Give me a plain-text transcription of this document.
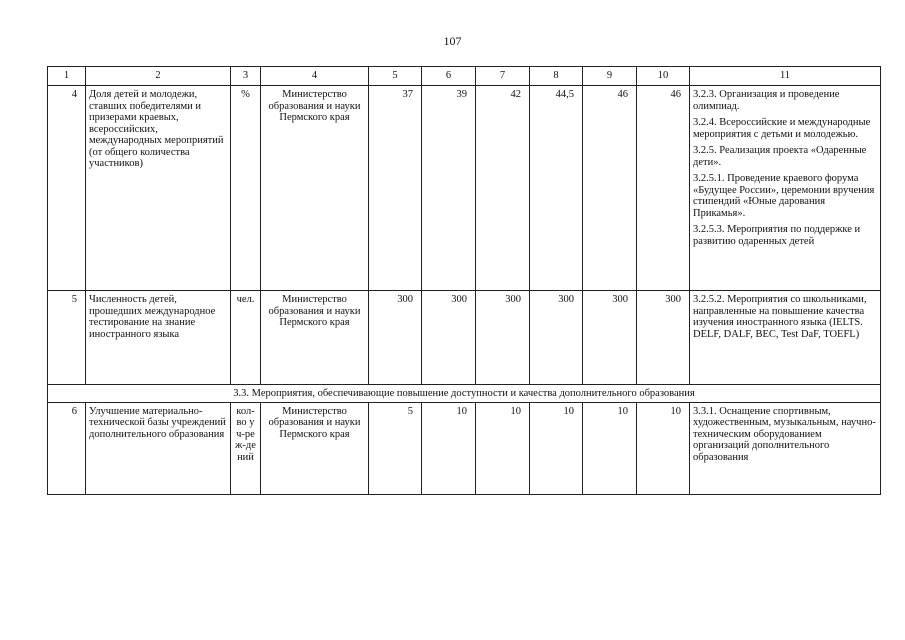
107
1	2	3	4	5	6	7	8	9	10	11
4	Доля детей и молодежи, ставших победителями и призерами краевых, всероссийских, международных мероприятий (от общего количества участников)	%	Министерство образования и науки Пермского края	37	39	42	44,5	46	46	3.2.3. Организация и проведение олимпиад.
3.2.4. Всероссийские и международные мероприятия с детьми и молодежью.
3.2.5. Реализация проекта «Одаренные дети».
3.2.5.1. Проведение краевого форума «Будущее России», церемонии вручения стипендий «Юные дарования Прикамья».
3.2.5.3. Мероприятия по поддержке и развитию одаренных детей

5	Численность детей, прошедших международное тестирование на знание иностранного языка	чел.	Министерство образования и науки Пермского края	300	300	300	300	300	300	3.2.5.2. Мероприятия со школьниками, направленные на повышение качества изучения иностранного языка (IELTS. DELF, DALF, BEC, Test DaF, TOEFL)

3.3. Мероприятия, обеспечивающие повышение доступности и качества дополнительного образования										
6	Улучшение материально-технической базы учреждений дополнительного образования	кол-во уч-реж-дений	Министерство образования и науки Пермского края	5	10	10	10	10	10	3.3.1. Оснащение спортивным, художественным, музыкальным, научно-техническим оборудованием организаций дополнительного образования
